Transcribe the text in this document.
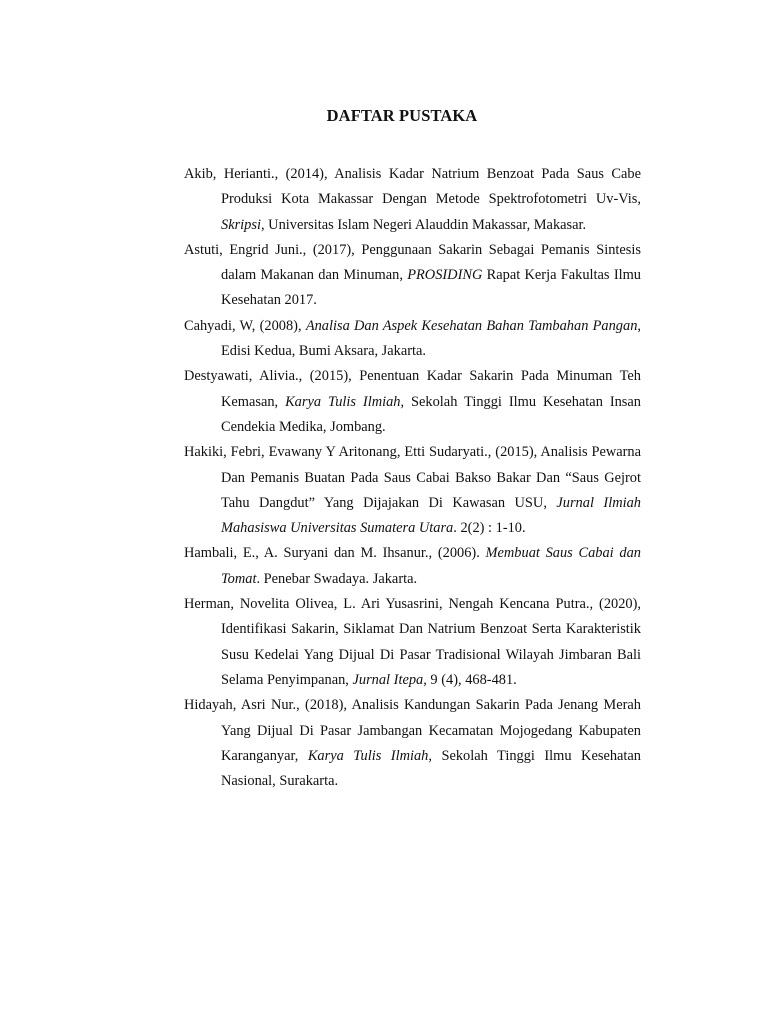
DAFTAR PUSTAKA

Akib, Herianti., (2014), Analisis Kadar Natrium Benzoat Pada Saus Cabe Produksi Kota Makassar Dengan Metode Spektrofotometri Uv-Vis, Skripsi, Universitas Islam Negeri Alauddin Makassar, Makasar.

Astuti, Engrid Juni., (2017), Penggunaan Sakarin Sebagai Pemanis Sintesis dalam Makanan dan Minuman, PROSIDING Rapat Kerja Fakultas Ilmu Kesehatan 2017.

Cahyadi, W, (2008), Analisa Dan Aspek Kesehatan Bahan Tambahan Pangan, Edisi Kedua, Bumi Aksara, Jakarta.

Destyawati, Alivia., (2015), Penentuan Kadar Sakarin Pada Minuman Teh Kemasan, Karya Tulis Ilmiah, Sekolah Tinggi Ilmu Kesehatan Insan Cendekia Medika, Jombang.

Hakiki, Febri, Evawany Y Aritonang, Etti Sudaryati., (2015), Analisis Pewarna Dan Pemanis Buatan Pada Saus Cabai Bakso Bakar Dan “Saus Gejrot Tahu Dangdut” Yang Dijajakan Di Kawasan USU, Jurnal Ilmiah Mahasiswa Universitas Sumatera Utara. 2(2) : 1-10.

Hambali, E., A. Suryani dan M. Ihsanur., (2006). Membuat Saus Cabai dan Tomat. Penebar Swadaya. Jakarta.

Herman, Novelita Olivea, L. Ari Yusasrini, Nengah Kencana Putra., (2020), Identifikasi Sakarin, Siklamat Dan Natrium Benzoat Serta Karakteristik Susu Kedelai Yang Dijual Di Pasar Tradisional Wilayah Jimbaran Bali Selama Penyimpanan, Jurnal Itepa, 9 (4), 468-481.

Hidayah, Asri Nur., (2018), Analisis Kandungan Sakarin Pada Jenang Merah Yang Dijual Di Pasar Jambangan Kecamatan Mojogedang Kabupaten Karanganyar, Karya Tulis Ilmiah, Sekolah Tinggi Ilmu Kesehatan Nasional, Surakarta.
